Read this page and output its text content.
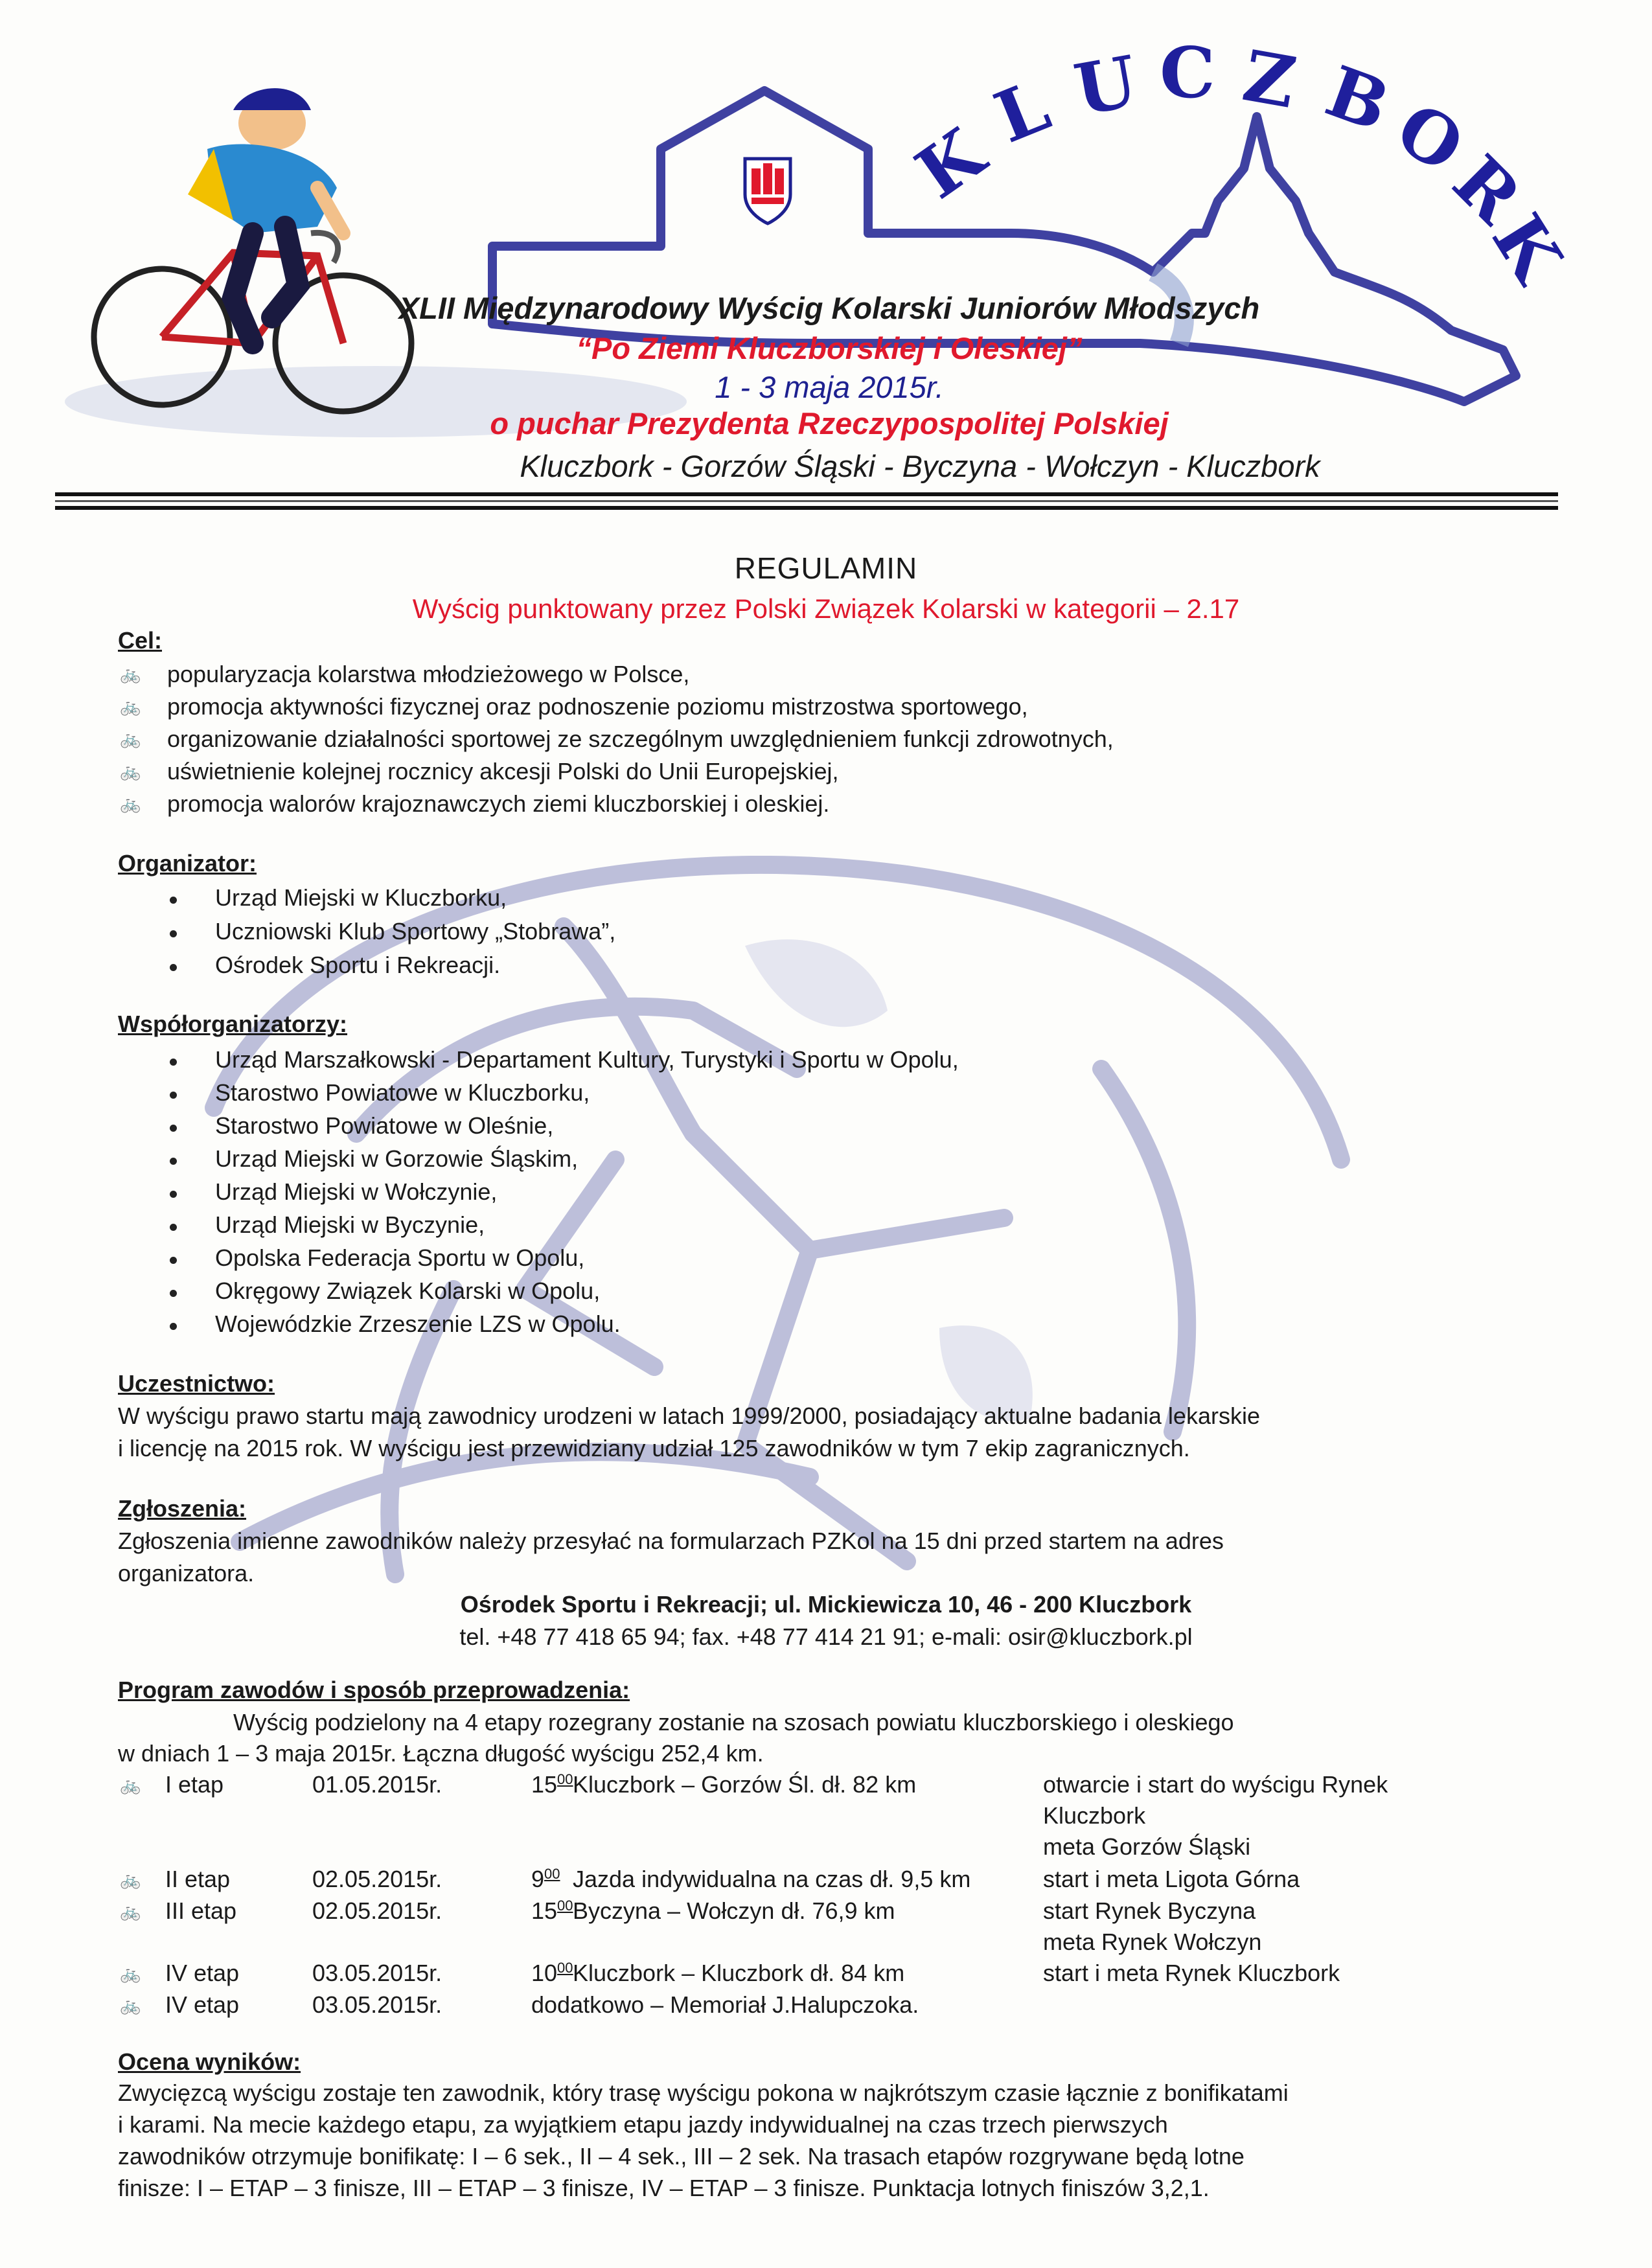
K
L U C Z B
O
R
K
XLII Międzynarodowy Wyścig Kolarski Juniorów Młodszych
“Po Ziemi Kluczborskiej i Oleskiej”
1 - 3 maja 2015r.
o puchar Prezydenta Rzeczypospolitej Polskiej
Kluczbork - Gorzów Śląski - Byczyna - Wołczyn - Kluczbork
REGULAMIN
Wyścig punktowany przez Polski Związek Kolarski w kategorii – 2.17
Cel:
🚲 popularyzacja kolarstwa młodzieżowego w Polsce,
🚲 promocja aktywności fizycznej oraz podnoszenie poziomu mistrzostwa sportowego,
🚲 organizowanie działalności sportowej ze szczególnym uwzględnieniem funkcji zdrowotnych,
🚲 uświetnienie kolejnej rocznicy akcesji Polski do Unii Europejskiej,
🚲 promocja walorów krajoznawczych ziemi kluczborskiej i oleskiej.
Organizator:
Urząd Miejski w Kluczborku,
Uczniowski Klub Sportowy „Stobrawa”,
Ośrodek Sportu i Rekreacji.
Współorganizatorzy:
Urząd Marszałkowski - Departament Kultury, Turystyki i Sportu w Opolu,
Starostwo Powiatowe w Kluczborku,
Starostwo Powiatowe w Oleśnie,
Urząd Miejski w Gorzowie Śląskim,
Urząd Miejski w Wołczynie,
Urząd Miejski w Byczynie,
Opolska Federacja Sportu w Opolu,
Okręgowy Związek Kolarski w Opolu,
Wojewódzkie Zrzeszenie LZS w Opolu.
Uczestnictwo:
W wyścigu prawo startu mają zawodnicy urodzeni w latach 1999/2000, posiadający aktualne badania lekarskie
i licencję na 2015 rok. W wyścigu jest przewidziany udział 125 zawodników w tym 7 ekip zagranicznych.
Zgłoszenia:
Zgłoszenia imienne zawodników należy przesyłać na formularzach PZKol na 15 dni przed startem na adres
organizatora.
Ośrodek Sportu i Rekreacji; ul. Mickiewicza 10, 46 - 200 Kluczbork
tel. +48 77 418 65 94; fax. +48 77 414 21 91; e-mali: osir@kluczbork.pl
Program zawodów i sposób przeprowadzenia:
Wyścig podzielony na 4 etapy rozegrany zostanie na szosach powiatu kluczborskiego i oleskiego
w dniach 1 – 3 maja 2015r. Łączna długość wyścigu 252,4 km.
🚲 I etap	01.05.2015r.	$15^{00}$ Kluczbork – Gorzów Śl. dł. 82 km	otwarcie i start do wyścigu Rynek
Kluczbork
meta Gorzów Śląski
🚲 II etap	02.05.2015r.	$9^{00}$ Jazda indywidualna na czas dł. 9,5 km	start i meta Ligota Górna
🚲 III etap	02.05.2015r.	$15^{00}$ Byczyna – Wołczyn dł. 76,9 km	start Rynek Byczyna
meta Rynek Wołczyn
🚲 IV etap	03.05.2015r.	$10^{00}$ Kluczbork – Kluczbork dł. 84 km	start i meta Rynek Kluczbork
🚲 IV etap	03.05.2015r.	dodatkowo – Memoriał J.Halupczoka.
Ocena wyników:
Zwycięzcą wyścigu zostaje ten zawodnik, który trasę wyścigu pokona w najkrótszym czasie łącznie z bonifikatami
i karami. Na mecie każdego etapu, za wyjątkiem etapu jazdy indywidualnej na czas trzech pierwszych
zawodników otrzymuje bonifikatę: I – 6 sek., II – 4 sek., III – 2 sek. Na trasach etapów rozgrywane będą lotne
finisze: I – ETAP – 3 finisze, III – ETAP – 3 finisze, IV – ETAP – 3 finisze. Punktacja lotnych finiszów 3,2,1.
